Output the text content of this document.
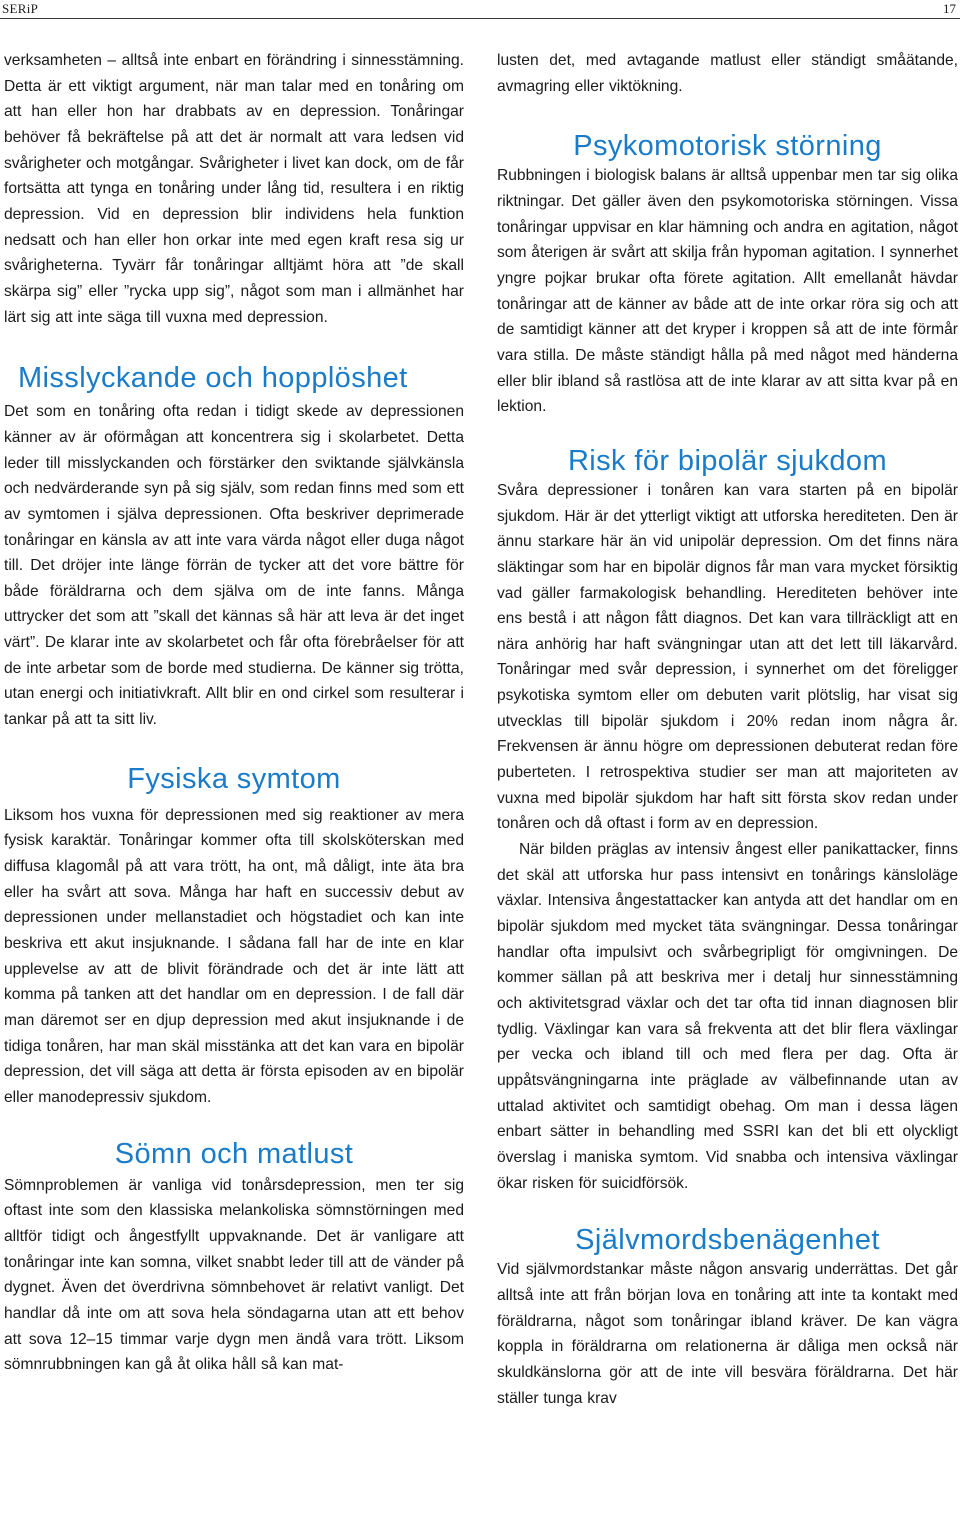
SERiP	17

verksamheten – alltså inte enbart en förändring i sinnesstämning. Detta är ett viktigt argument, när man talar med en tonåring om att han eller hon har drabbats av en depression. Tonåringar behöver få bekräftelse på att det är normalt att vara ledsen vid svårigheter och motgångar. Svårigheter i livet kan dock, om de får fortsätta att tynga en tonåring under lång tid, resultera i en riktig depression. Vid en depression blir individens hela funktion nedsatt och han eller hon orkar inte med egen kraft resa sig ur svårigheterna. Tyvärr får tonåringar alltjämt höra att ”de skall skärpa sig” eller ”rycka upp sig”, något som man i allmänhet har lärt sig att inte säga till vuxna med depression.

Misslyckande och hopplöshet

Det som en tonåring ofta redan i tidigt skede av depressionen känner av är oförmågan att koncentrera sig i skolarbetet. Detta leder till misslyckanden och förstärker den sviktande självkänsla och nedvärderande syn på sig själv, som redan finns med som ett av symtomen i själva depressionen. Ofta beskriver deprimerade tonåringar en känsla av att inte vara värda något eller duga något till. Det dröjer inte länge förrän de tycker att det vore bättre för både föräldrarna och dem själva om de inte fanns. Många uttrycker det som att ”skall det kännas så här att leva är det inget värt”. De klarar inte av skolarbetet och får ofta förebråelser för att de inte arbetar som de borde med studierna. De känner sig trötta, utan energi och initiativkraft. Allt blir en ond cirkel som resulterar i tankar på att ta sitt liv.

Fysiska symtom

Liksom hos vuxna för depressionen med sig reaktioner av mera fysisk karaktär. Tonåringar kommer ofta till skolsköterskan med diffusa klagomål på att vara trött, ha ont, må dåligt, inte äta bra eller ha svårt att sova. Många har haft en successiv debut av depressionen under mellanstadiet och högstadiet och kan inte beskriva ett akut insjuknande. I sådana fall har de inte en klar upplevelse av att de blivit förändrade och det är inte lätt att komma på tanken att det handlar om en depression. I de fall där man däremot ser en djup depression med akut insjuknande i de tidiga tonåren, har man skäl misstänka att det kan vara en bipolär depression, det vill säga att detta är första episoden av en bipolär eller manodepressiv sjukdom.

Sömn och matlust

Sömnproblemen är vanliga vid tonårsdepression, men ter sig oftast inte som den klassiska melankoliska sömnstörningen med alltför tidigt och ångestfyllt uppvaknande. Det är vanligare att tonåringar inte kan somna, vilket snabbt leder till att de vänder på dygnet. Även det överdrivna sömnbehovet är relativt vanligt. Det handlar då inte om att sova hela söndagarna utan att ett behov att sova 12–15 timmar varje dygn men ändå vara trött. Liksom sömnrubbningen kan gå åt olika håll så kan mat-

lusten det, med avtagande matlust eller ständigt småätande, avmagring eller viktökning.

Psykomotorisk störning

Rubbningen i biologisk balans är alltså uppenbar men tar sig olika riktningar. Det gäller även den psykomotoriska störningen. Vissa tonåringar uppvisar en klar hämning och andra en agitation, något som återigen är svårt att skilja från hypoman agitation. I synnerhet yngre pojkar brukar ofta förete agitation. Allt emellanåt hävdar tonåringar att de känner av både att de inte orkar röra sig och att de samtidigt känner att det kryper i kroppen så att de inte förmår vara stilla. De måste ständigt hålla på med något med händerna eller blir ibland så rastlösa att de inte klarar av att sitta kvar på en lektion.

Risk för bipolär sjukdom

Svåra depressioner i tonåren kan vara starten på en bipolär sjukdom. Här är det ytterligt viktigt att utforska herediteten. Den är ännu starkare här än vid unipolär depression. Om det finns nära släktingar som har en bipolär dignos får man vara mycket försiktig vad gäller farmakologisk behandling. Herediteten behöver inte ens bestå i att någon fått diagnos. Det kan vara tillräckligt att en nära anhörig har haft svängningar utan att det lett till läkarvård. Tonåringar med svår depression, i synnerhet om det föreligger psykotiska symtom eller om debuten varit plötslig, har visat sig utvecklas till bipolär sjukdom i 20% redan inom några år. Frekvensen är ännu högre om depressionen debuterat redan före puberteten. I retrospektiva studier ser man att majoriteten av vuxna med bipolär sjukdom har haft sitt första skov redan under tonåren och då oftast i form av en depression.

När bilden präglas av intensiv ångest eller panikattacker, finns det skäl att utforska hur pass intensivt en tonårings känsloläge växlar. Intensiva ångestattacker kan antyda att det handlar om en bipolär sjukdom med mycket täta svängningar. Dessa tonåringar handlar ofta impulsivt och svårbegripligt för omgivningen. De kommer sällan på att beskriva mer i detalj hur sinnesstämning och aktivitetsgrad växlar och det tar ofta tid innan diagnosen blir tydlig. Växlingar kan vara så frekventa att det blir flera växlingar per vecka och ibland till och med flera per dag. Ofta är uppåtsvängningarna inte präglade av välbefinnande utan av uttalad aktivitet och samtidigt obehag. Om man i dessa lägen enbart sätter in behandling med SSRI kan det bli ett olyckligt överslag i maniska symtom. Vid snabba och intensiva växlingar ökar risken för suicidförsök.

Självmordsbenägenhet

Vid självmordstankar måste någon ansvarig underrättas. Det går alltså inte att från början lova en tonåring att inte ta kontakt med föräldrarna, något som tonåringar ibland kräver. De kan vägra koppla in föräldrarna om relationerna är dåliga men också när skuldkänslorna gör att de inte vill besvära föräldrarna. Det här ställer tunga krav
